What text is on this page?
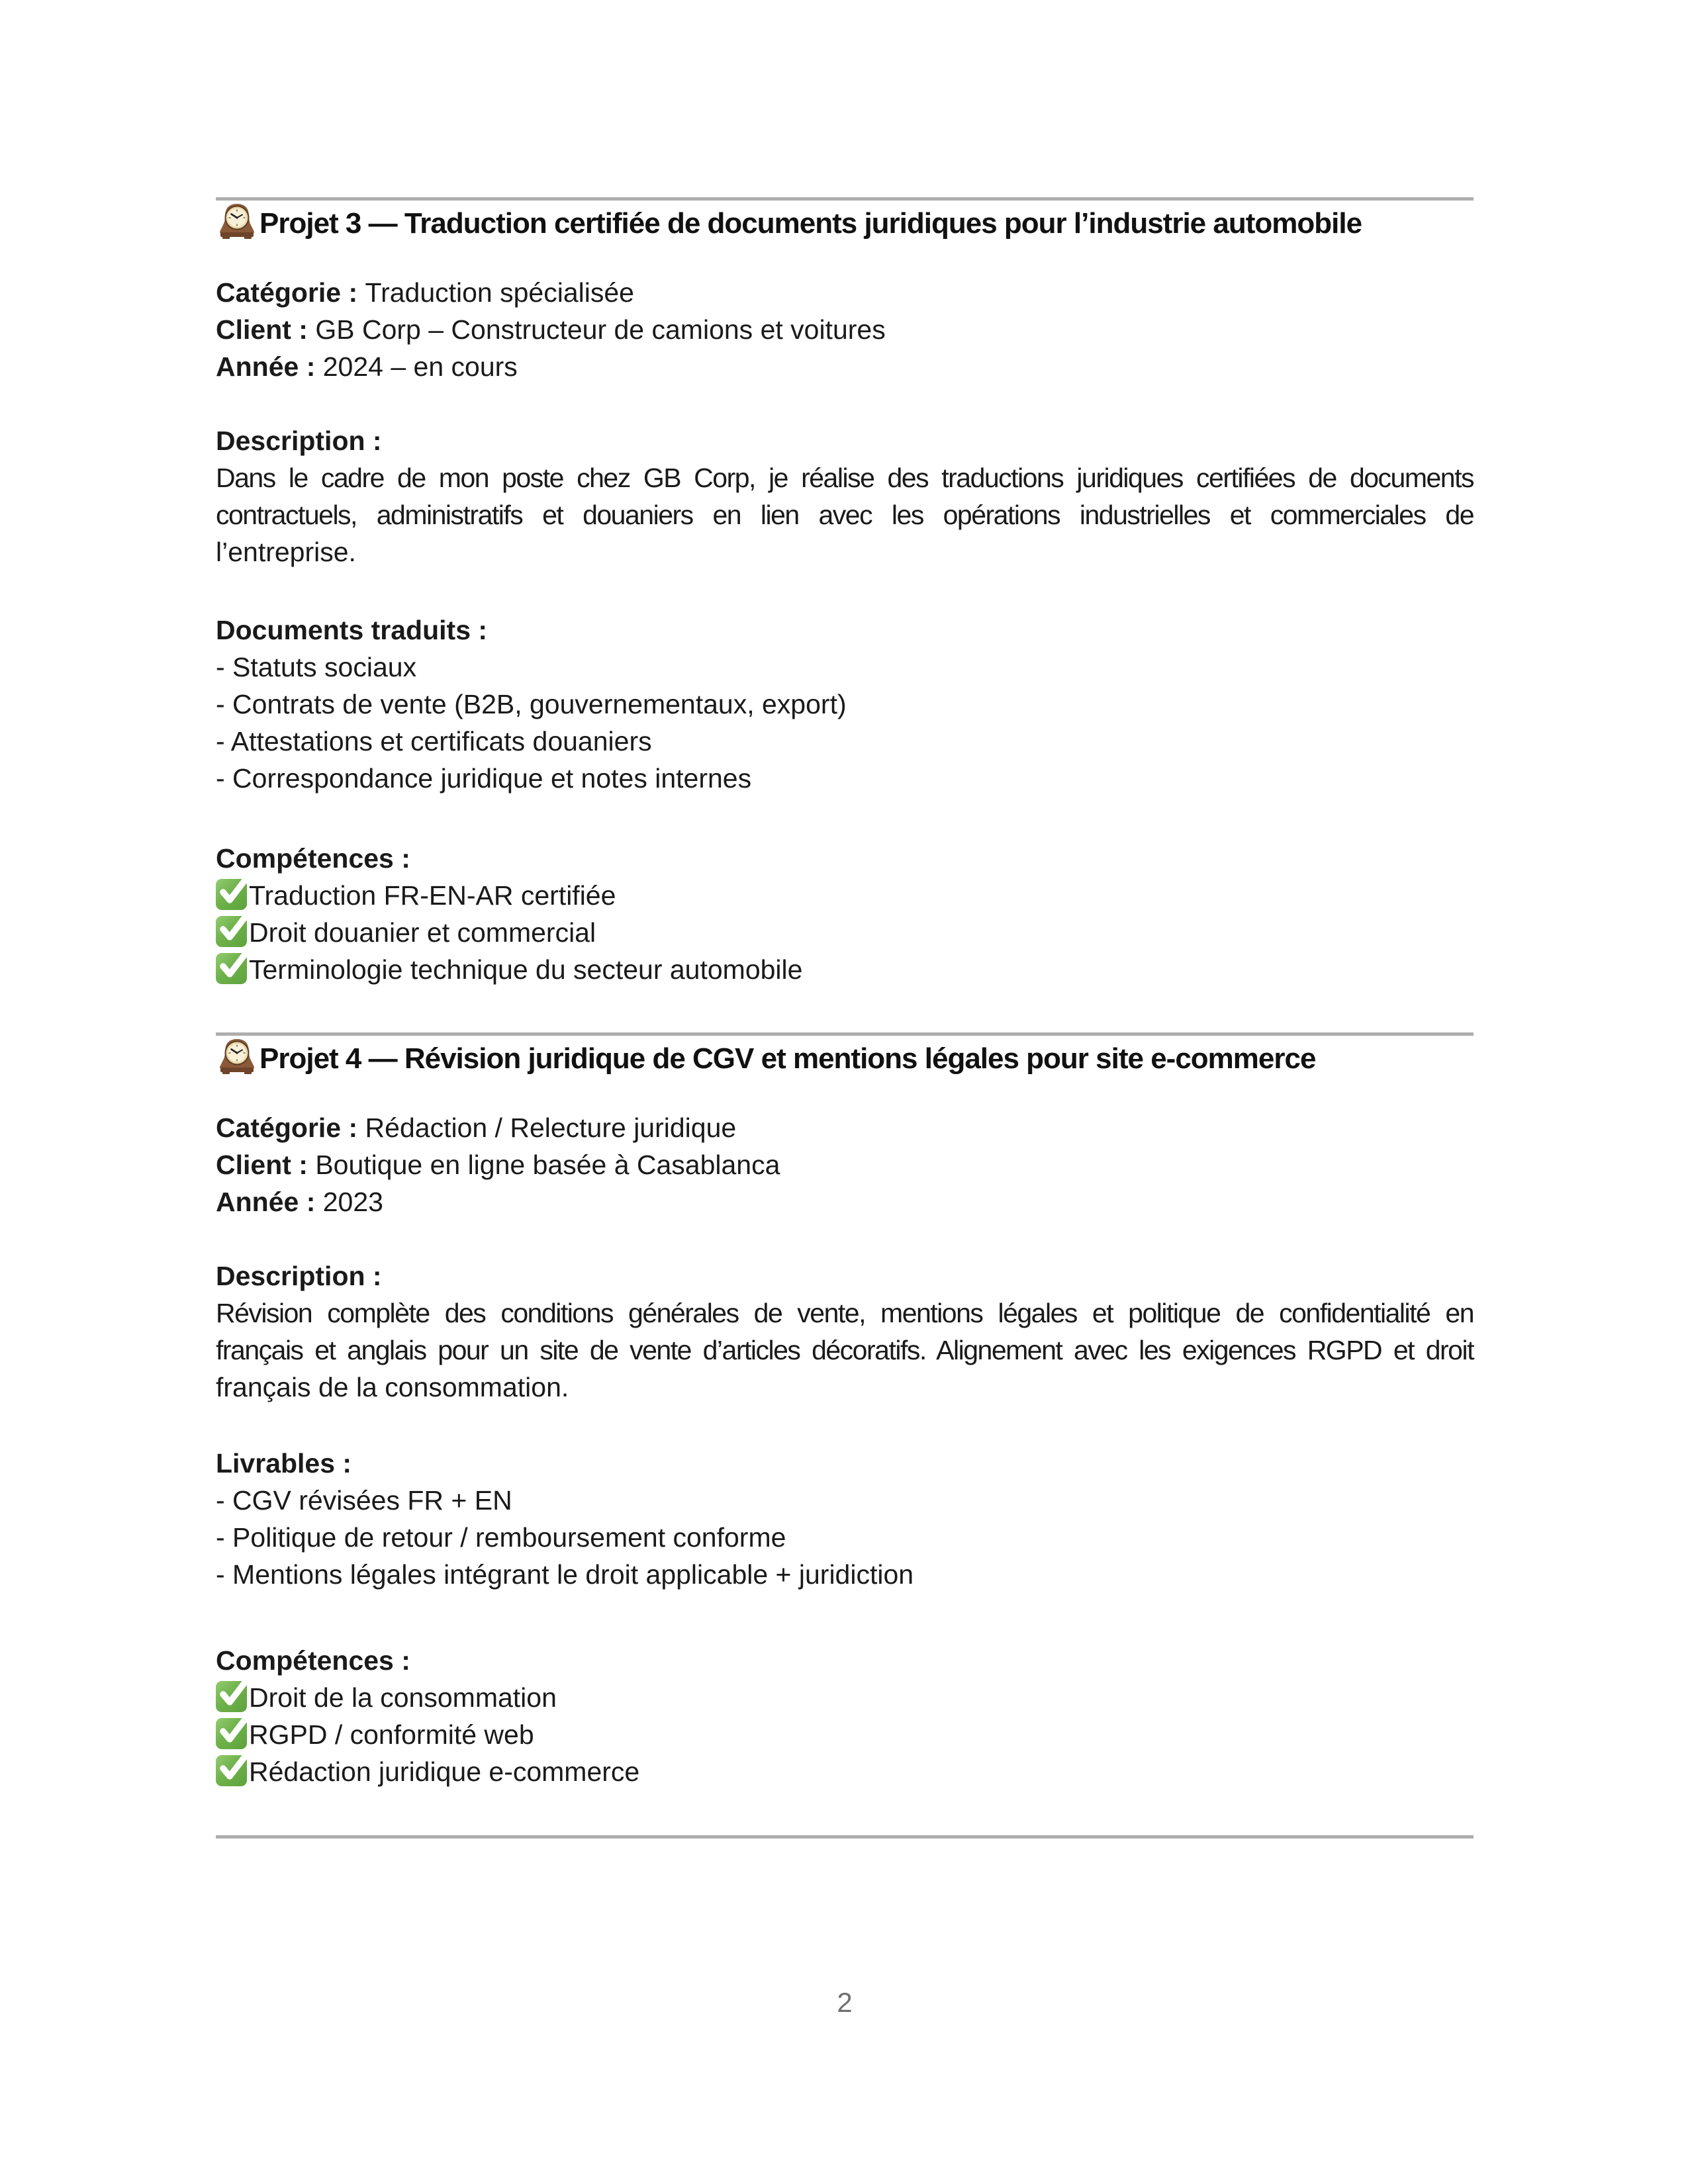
Projet 3 — Traduction certifiée de documents juridiques pour l’industrie automobile
Catégorie : Traduction spécialisée
Client : GB Corp – Constructeur de camions et voitures
Année : 2024 – en cours
Description :
Dans le cadre de mon poste chez GB Corp, je réalise des traductions juridiques certifiées de documents
contractuels, administratifs et douaniers en lien avec les opérations industrielles et commerciales de
l’entreprise.
Documents traduits :
- Statuts sociaux
- Contrats de vente (B2B, gouvernementaux, export)
- Attestations et certificats douaniers
- Correspondance juridique et notes internes
Compétences :
Traduction FR-EN-AR certifiée
Droit douanier et commercial
Terminologie technique du secteur automobile
Projet 4 — Révision juridique de CGV et mentions légales pour site e-commerce
Catégorie : Rédaction / Relecture juridique
Client : Boutique en ligne basée à Casablanca
Année : 2023
Description :
Révision complète des conditions générales de vente, mentions légales et politique de confidentialité en
français et anglais pour un site de vente d’articles décoratifs. Alignement avec les exigences RGPD et droit
français de la consommation.
Livrables :
- CGV révisées FR + EN
- Politique de retour / remboursement conforme
- Mentions légales intégrant le droit applicable + juridiction
Compétences :
Droit de la consommation
RGPD / conformité web
Rédaction juridique e-commerce
2
